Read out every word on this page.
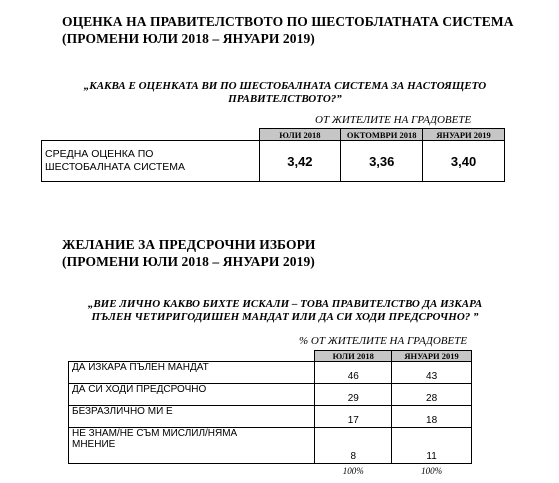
ОЦЕНКА НА ПРАВИТЕЛСТВОТО ПО ШЕСТОБЛАТНАТА СИСТЕМА
(ПРОМЕНИ ЮЛИ 2018 – ЯНУАРИ 2019)
„КАКВА Е ОЦЕНКАТА ВИ ПО ШЕСТОБАЛНАТА СИСТЕМА ЗА НАСТОЯЩЕТО
ПРАВИТЕЛСТВОТО?”
ОТ ЖИТЕЛИТЕ НА ГРАДОВЕТЕ
	ЮЛИ 2018	ОКТОМВРИ 2018	ЯНУАРИ 2019

СРЕДНА ОЦЕНКА ПО
ШЕСТОБАЛНАТА СИСТЕМА	3,42	3,36	3,40
ЖЕЛАНИЕ ЗА ПРЕДСРОЧНИ ИЗБОРИ
(ПРОМЕНИ ЮЛИ 2018 – ЯНУАРИ 2019)
„ВИЕ ЛИЧНО КАКВО БИХТЕ ИСКАЛИ – ТОВА ПРАВИТЕЛСТВО ДА ИЗКАРА
ПЪЛЕН ЧЕТИРИГОДИШЕН МАНДАТ ИЛИ ДА СИ ХОДИ ПРЕДСРОЧНО? ”
% ОТ ЖИТЕЛИТЕ НА ГРАДОВЕТЕ
	ЮЛИ 2018	ЯНУАРИ 2019
ДА ИЗКАРА ПЪЛЕН МАНДАТ	46	43
ДА СИ ХОДИ ПРЕДСРОЧНО	29	28
БЕЗРАЗЛИЧНО МИ Е	17	18

НЕ ЗНАМ/НЕ СЪМ МИСЛИЛ/НЯМА
МНЕНИЕ	8	11
	100%	100%
